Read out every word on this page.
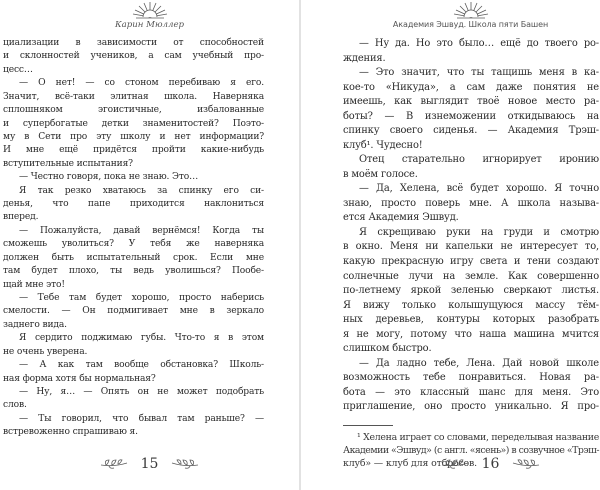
Карин Мюллер
циализации в зависимости от способностей
и склонностей учеников, а сам учебный про-
цесс…
— О нет! — со стоном перебиваю я его.
Значит, всё-таки элитная школа. Наверняка
сплошняком эгоистичные, избалованные
и супербогатые детки знаменитостей? Поэто-
му в Сети про эту школу и нет информации?
И мне ещё придётся пройти какие-нибудь
вступительные испытания?
— Честно говоря, пока не знаю. Это…
Я так резко хватаюсь за спинку его си-
денья, что папе приходится наклониться
вперед.
— Пожалуйста, давай вернёмся! Когда ты
сможешь уволиться? У тебя же наверняка
должен быть испытательный срок. Если мне
там будет плохо, ты ведь уволишься? Пообе-
щай мне это!
— Тебе там будет хорошо, просто наберись
смелости. — Он подмигивает мне в зеркало
заднего вида.
Я сердито поджимаю губы. Что-то я в этом
не очень уверена.
— А как там вообще обстановка? Школь-
ная форма хотя бы нормальная?
— Ну, я… — Опять он не может подобрать
слов.
— Ты говорил, что бывал там раньше? —
встревоженно спрашиваю я.
15
Академия Эшвуд. Школа пяти Башен
— Ну да. Но это было… ещё до твоего ро-
ждения.
— Это значит, что ты тащишь меня в ка-
кое-то «Никуда», а сам даже понятия не
имеешь, как выглядит твоё новое место ра-
боты? — В изнеможении откидываюсь на
спинку своего сиденья. — Академия Трэш-
клуб¹. Чудесно!
Отец старательно игнорирует иронию
в моём голосе.
— Да, Хелена, всё будет хорошо. Я точно
знаю, просто поверь мне. А школа называ-
ется Академия Эшвуд.
Я скрещиваю руки на груди и смотрю
в окно. Меня ни капельки не интересует то,
какую прекрасную игру света и тени создают
солнечные лучи на земле. Как совершенно
по-летнему яркой зеленью сверкают листья.
Я вижу только колышущуюся массу тём-
ных деревьев, контуры которых разобрать
я не могу, потому что наша машина мчится
слишком быстро.
— Да ладно тебе, Лена. Дай новой школе
возможность тебе понравиться. Новая ра-
бота — это классный шанс для меня. Это
приглашение, оно просто уникально. Я про-
¹ Хелена играет со словами, переделывая название
Академии «Эшвуд» (с англ. «ясень») в созвучное «Трэш-
клуб» — клуб для отбросов. 16
